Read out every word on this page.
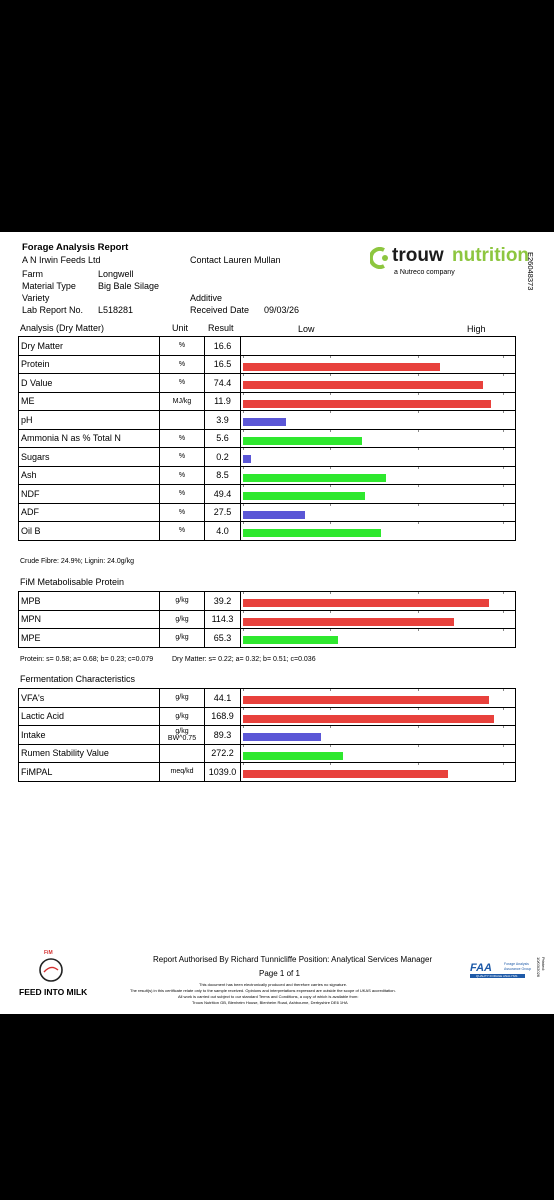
Forage Analysis Report
A N Irwin Feeds Ltd	Contact Lauren Mullan
Farm	Longwell
Material Type Big Bale Silage
Variety	Additive
Lab Report No. L518281	Received Date 09/03/26
trouw nutrition
a Nutreco company	E26048373
Analysis (Dry Matter)	Unit Result	Low	High
Dry Matter	%	16.6	
Protein	%	16.5	

D Value	%	74.4	

ME	MJ/kg	11.9	

pH		3.9	

Ammonia N as % Total N	%	5.6	

Sugars	%	0.2	

Ash	%	8.5	

NDF	%	49.4	

ADF	%	27.5	

Oil B	%	4.0	
Crude Fibre: 24.9%; Lignin: 24.0g/kg
FiM Metabolisable Protein
MPB	g/kg	39.2	

MPN	g/kg	114.3	

MPE	g/kg	65.3	
Protein: s= 0.58; a= 0.68; b= 0.23; c=0.079	Dry Matter: s= 0.22; a= 0.32; b= 0.51; c=0.036
Fermentation Characteristics
VFA's	g/kg	44.1	

Lactic Acid	g/kg	168.9	

Intake	g/kg BW^0.75	89.3	

Rumen Stability Value		272.2	

FiMPAL	meq/kd	1039.0	
Report Authorised By Richard Tunnicliffe Position: Analytical Services Manager
Page 1 of 1
This document has been electronically produced and therefore carries no signature.
The result(s) in this certificate relate only to the sample received. Opinions and interpretations expressed are outside the scope of UKAS accreditation.
All work is carried out subject to our standard Terms and Conditions, a copy of which is available from:
Trouw Nutrition GB, Blenheim House, Blenheim Road, Ashbourne, Derbyshire DE6 1HA
FiM
FEED INTO MILK
FAA	Forage Analysis
Assurance Group
QUALITY FORAGE ANALYSIS
Printed: 10/03/2026
